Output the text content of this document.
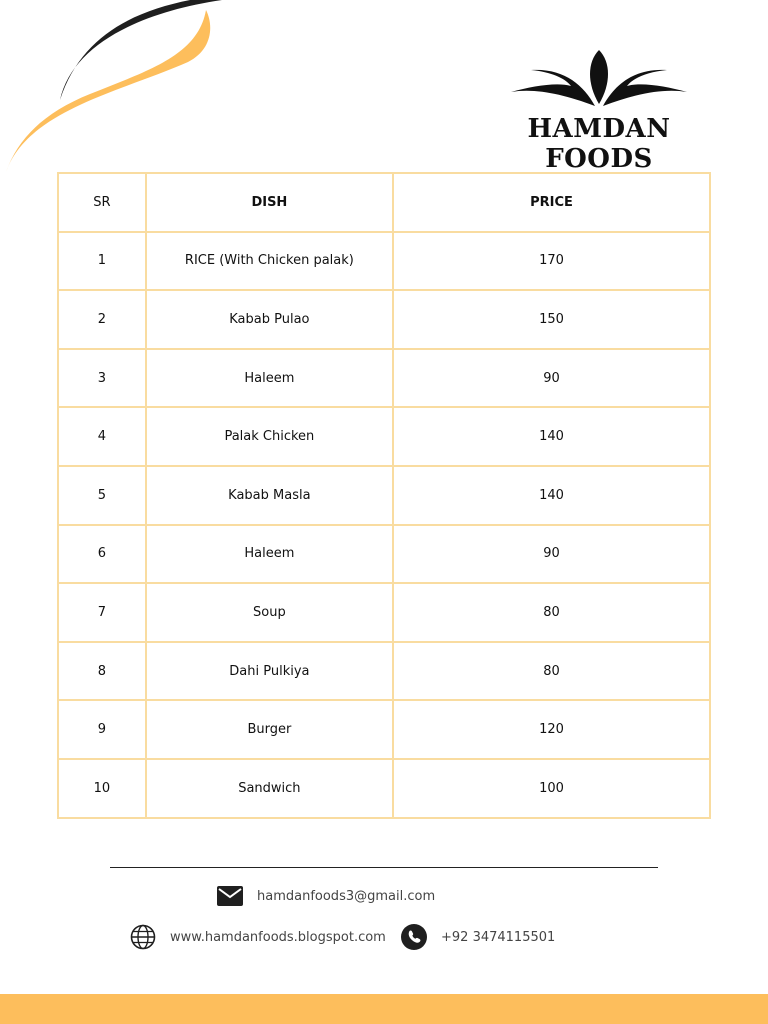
HAMDAN FOODS
SR	DISH	PRICE
1	RICE (With Chicken palak)	170
2	Kabab Pulao	150
3	Haleem	90
4	Palak Chicken	140
5	Kabab Masla	140
6	Haleem	90
7	Soup	80
8	Dahi Pulkiya	80
9	Burger	120
10	Sandwich	100
hamdanfoods3@gmail.com
www.hamdanfoods.blogspot.com	+92 3474115501
